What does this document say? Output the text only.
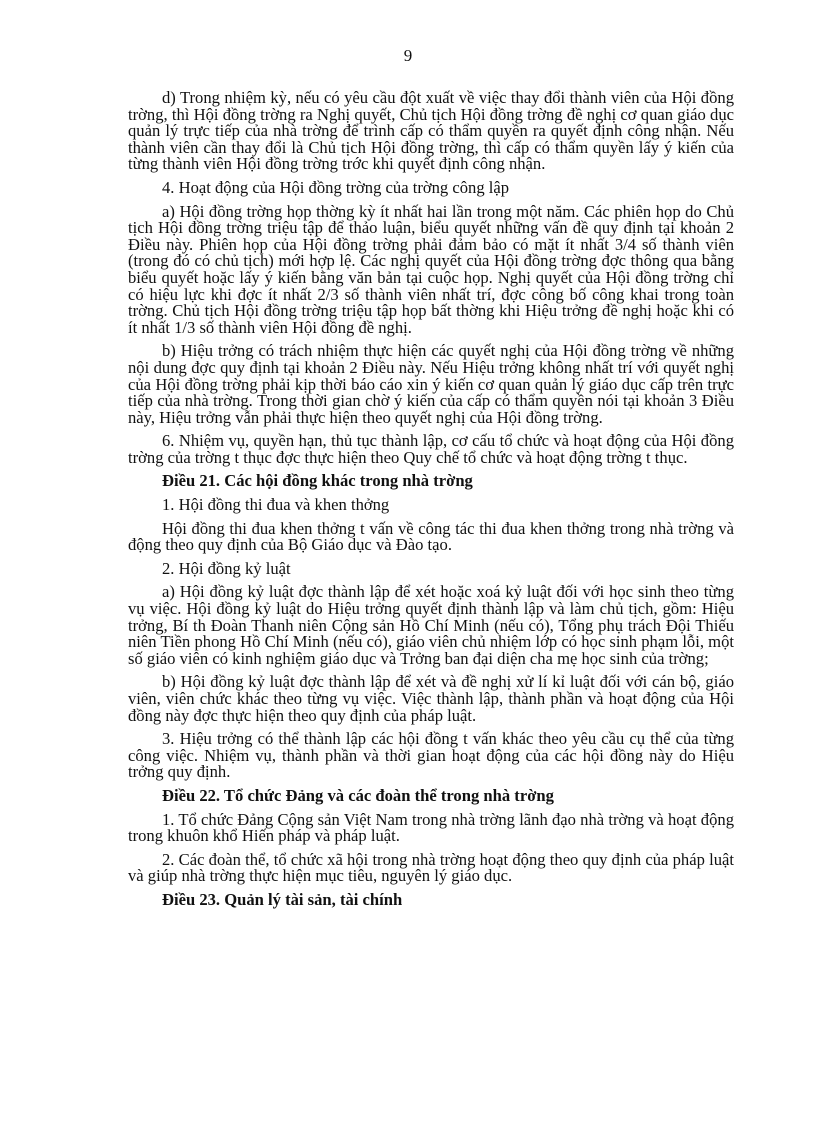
9

d) Trong nhiệm kỳ, nếu có yêu cầu đột xuất về việc thay đổi thành viên của Hội đồng trờng, thì Hội đồng trờng ra Nghị quyết, Chủ tịch Hội đồng trờng đề nghị cơ quan giáo dục quản lý trực tiếp của nhà trờng để trình cấp có thẩm quyền ra quyết định công nhận. Nếu thành viên cần thay đổi là Chủ tịch Hội đồng trờng, thì cấp có thẩm quyền lấy ý kiến của từng thành viên Hội đồng trờng trớc khi quyết định công nhận.

4. Hoạt động của Hội đồng trờng của trờng công lập

a) Hội đồng trờng họp thờng kỳ ít nhất hai lần trong một năm. Các phiên họp do Chủ tịch Hội đồng trờng triệu tập để thảo luận, biểu quyết những vấn đề quy định tại khoản 2 Điều này. Phiên họp của Hội đồng trờng phải đảm bảo có mặt ít nhất 3/4 số thành viên (trong đó có chủ tịch) mới hợp lệ. Các nghị quyết của Hội đồng trờng đợc thông qua bằng biểu quyết hoặc lấy ý kiến bằng văn bản tại cuộc họp. Nghị quyết của Hội đồng trờng chỉ có hiệu lực khi đợc ít nhất 2/3 số thành viên nhất trí, đợc công bố công khai trong toàn trờng. Chủ tịch Hội đồng trờng triệu tập họp bất thờng khi Hiệu trởng đề nghị hoặc khi có ít nhất 1/3 số thành viên Hội đồng đề nghị.

b) Hiệu trởng có trách nhiệm thực hiện các quyết nghị của Hội đồng trờng về những nội dung đợc quy định tại khoản 2 Điều này. Nếu Hiệu trởng không nhất trí với quyết nghị của Hội đồng trờng phải kịp thời báo cáo xin ý kiến cơ quan quản lý giáo dục cấp trên trực tiếp của nhà trờng. Trong thời gian chờ ý kiến của cấp có thẩm quyền nói tại khoản 3 Điều này, Hiệu trởng vẫn phải thực hiện theo quyết nghị của Hội đồng trờng.

6. Nhiệm vụ, quyền hạn, thủ tục thành lập, cơ cấu tổ chức và hoạt động của Hội đồng trờng của trờng t thục đợc thực hiện theo Quy chế tổ chức và hoạt động trờng t thục.

Điều 21. Các hội đồng khác trong nhà trờng

1. Hội đồng thi đua và khen thởng

Hội đồng thi đua khen thởng t vấn về công tác thi đua khen thởng trong nhà trờng và động theo quy định của Bộ Giáo dục và Đào tạo.

2. Hội đồng kỷ luật

a) Hội đồng kỷ luật đợc thành lập để xét hoặc xoá kỷ luật đối với học sinh theo từng vụ việc. Hội đồng kỷ luật do Hiệu trởng quyết định thành lập và làm chủ tịch, gồm: Hiệu trởng, Bí th Đoàn Thanh niên Cộng sản Hồ Chí Minh (nếu có), Tổng phụ trách Đội Thiếu niên Tiền phong Hồ Chí Minh (nếu có), giáo viên chủ nhiệm lớp có học sinh phạm lỗi, một số giáo viên có kinh nghiệm giáo dục và Trởng ban đại diện cha mẹ học sinh của trờng;

b) Hội đồng kỷ luật đợc thành lập để xét và đề nghị xử lí kỉ luật đối với cán bộ, giáo viên, viên chức khác theo từng vụ việc. Việc thành lập, thành phần và hoạt động của Hội đồng này đợc thực hiện theo quy định của pháp luật.

3. Hiệu trởng có thể thành lập các hội đồng t vấn khác theo yêu cầu cụ thể của từng công việc. Nhiệm vụ, thành phần và thời gian hoạt động của các hội đồng này do Hiệu trởng quy định.

Điều 22. Tổ chức Đảng và các đoàn thể trong nhà trờng

1. Tổ chức Đảng Cộng sản Việt Nam trong nhà trờng lãnh đạo nhà trờng và hoạt động trong khuôn khổ Hiến pháp và pháp luật.

2. Các đoàn thể, tổ chức xã hội trong nhà trờng hoạt động theo quy định của pháp luật và giúp nhà trờng thực hiện mục tiêu, nguyên lý giáo dục.

Điều 23. Quản lý tài sản, tài chính
